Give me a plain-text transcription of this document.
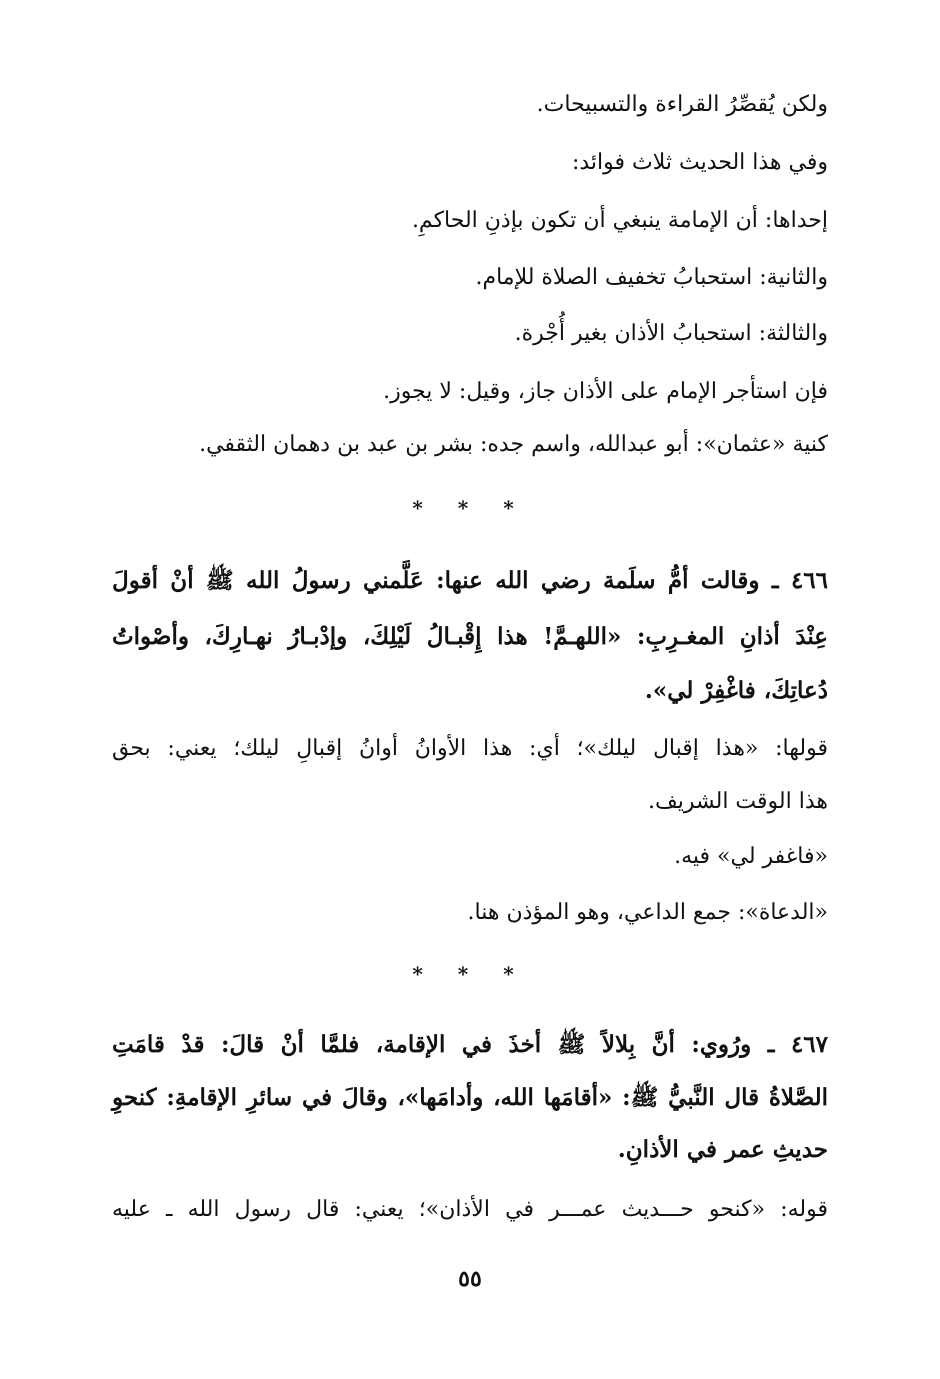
ولكن يُقصِّرُ القراءة والتسبيحات.
وفي هذا الحديث ثلاث فوائد:
إحداها: أن الإمامة ينبغي أن تكون بإذنِ الحاكمِ.
والثانية: استحبابُ تخفيف الصلاة للإمام.
والثالثة: استحبابُ الأذان بغير أُجْرة.
فإن استأجر الإمام على الأذان جاز، وقيل: لا يجوز.
كنية «عثمان»: أبو عبدالله، واسم جده: بشر بن عبد بن دهمان الثقفي.
* * *
٤٦٦ ـ وقالت أمُّ سلَمة رضي الله عنها: عَلَّمني رسولُ الله ﷺ أنْ أقولَ
عِنْدَ أذانِ المغـرِبِ: «اللهـمَّ! هذا إِقْبـالُ لَيْلِكَ، وإدْبـارُ نهـارِكَ، وأصْواتُ
دُعاتِكَ، فاغْفِرْ لي».
قولها: «هذا إقبال ليلك»؛ أي: هذا الأوانُ أوانُ إقبالِ ليلك؛ يعني: بحق
هذا الوقت الشريف.
«فاغفر لي» فيه.
«الدعاة»: جمع الداعي، وهو المؤذن هنا.
* * *
٤٦٧ ـ ورُوي: أنَّ بِلالاً ﷺ أخذَ في الإقامة، فلمَّا أنْ قالَ: قدْ قامَتِ
الصَّلاةُ قال النَّبيُّ ﷺ: «أقامَها الله، وأدامَها»، وقالَ في سائرِ الإقامةِ: كنحوِ
حديثِ عمر في الأذانِ.
قوله: «كنحو حـــديث عمـــر في الأذان»؛ يعني: قال رسول الله ـ عليه
٥٥
